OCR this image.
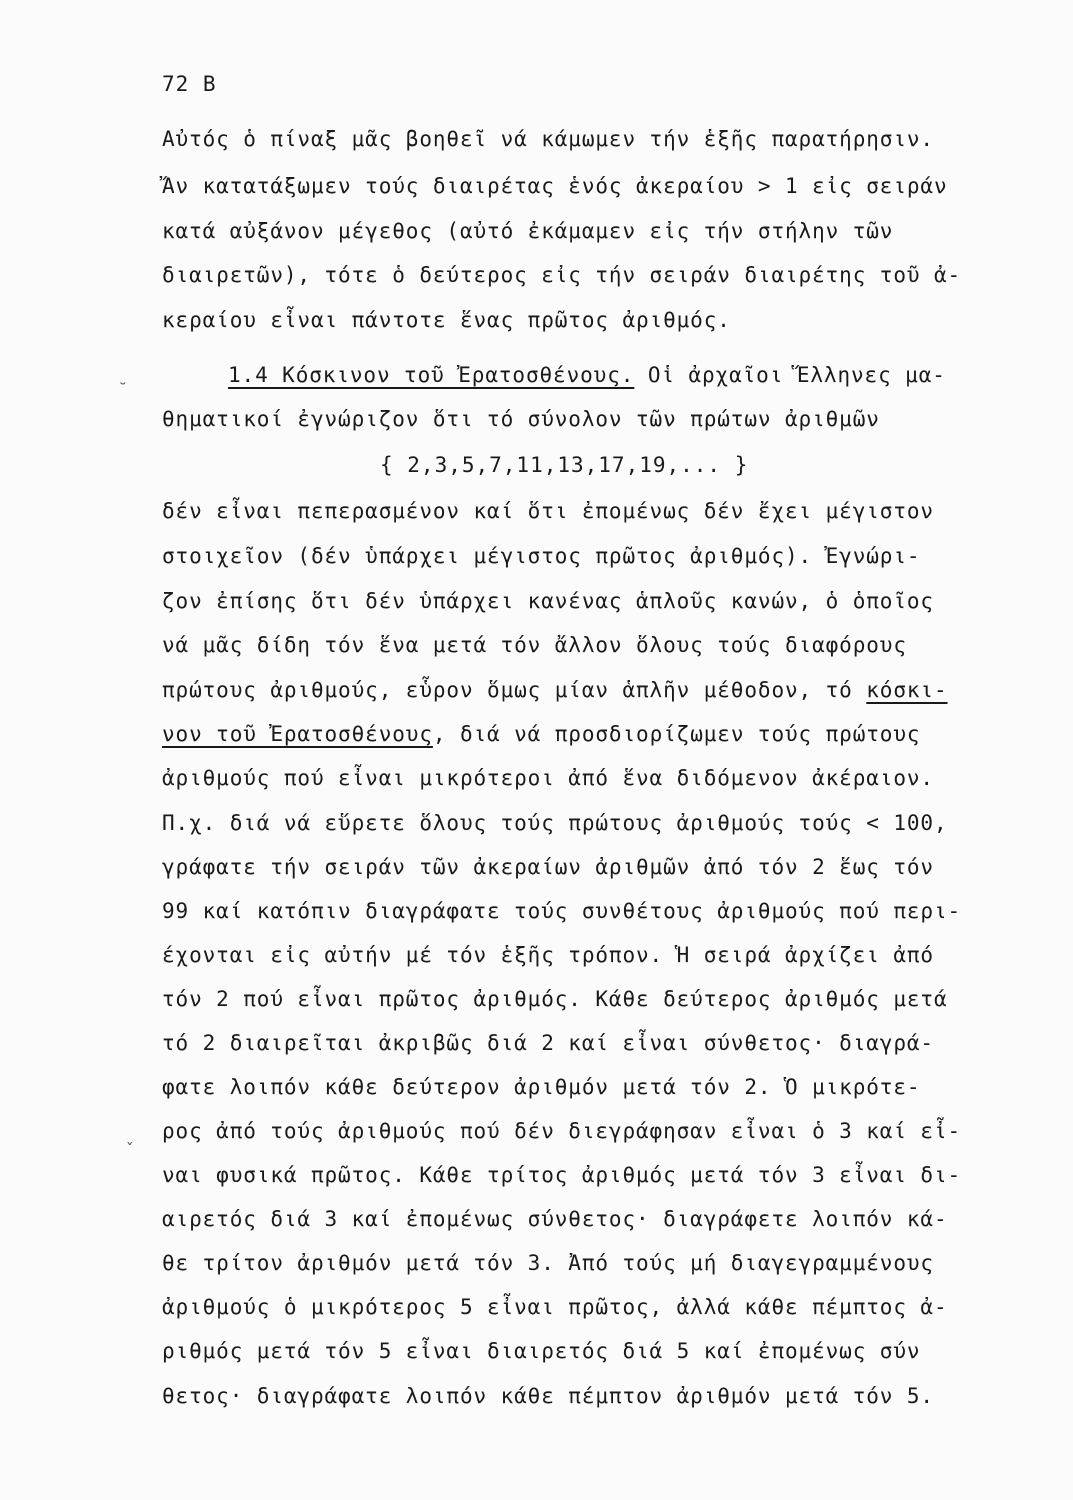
72 B
Αὐτός ὁ πίναξ μᾶς βοηθεῖ νά κάμωμεν τήν ἑξῆς παρατήρησιν.
Ἄν κατατάξωμεν τούς διαιρέτας ἑνός ἀκεραίου > 1 εἰς σειράν
κατά αὐξάνον μέγεθος (αὐτό ἐκάμαμεν εἰς τήν στήλην τῶν
διαιρετῶν), τότε ὁ δεύτερος εἰς τήν σειράν διαιρέτης τοῦ ἀ-
κεραίου εἶναι πάντοτε ἕνας πρῶτος ἀριθμός.
1.4 Κόσκινον τοῦ Ἐρατοσθένους. Οἱ ἀρχαῖοι Ἕλληνες μα-
θηματικοί ἐγνώριζον ὅτι τό σύνολον τῶν πρώτων ἀριθμῶν
{ 2,3,5,7,11,13,17,19,... }
δέν εἶναι πεπερασμένον καί ὅτι ἐπομένως δέν ἔχει μέγιστον
στοιχεῖον (δέν ὑπάρχει μέγιστος πρῶτος ἀριθμός). Ἐγνώρι-
ζον ἐπίσης ὅτι δέν ὑπάρχει κανένας ἁπλοῦς κανών, ὁ ὁποῖος
νά μᾶς δίδη τόν ἕνα μετά τόν ἄλλον ὅλους τούς διαφόρους
πρώτους ἀριθμούς, εὗρον ὅμως μίαν ἁπλῆν μέθοδον, τό κόσκι-
νον τοῦ Ἐρατοσθένους, διά νά προσδιορίζωμεν τούς πρώτους
ἀριθμούς πού εἶναι μικρότεροι ἀπό ἕνα διδόμενον ἀκέραιον.
Π.χ. διά νά εὕρετε ὅλους τούς πρώτους ἀριθμούς τούς < 100,
γράφατε τήν σειράν τῶν ἀκεραίων ἀριθμῶν ἀπό τόν 2 ἕως τόν
99 καί κατόπιν διαγράφατε τούς συνθέτους ἀριθμούς πού περι-
έχονται εἰς αὐτήν μέ τόν ἑξῆς τρόπον. Ἡ σειρά ἀρχίζει ἀπό
τόν 2 πού εἶναι πρῶτος ἀριθμός. Κάθε δεύτερος ἀριθμός μετά
τό 2 διαιρεῖται ἀκριβῶς διά 2 καί εἶναι σύνθετος· διαγρά-
φατε λοιπόν κάθε δεύτερον ἀριθμόν μετά τόν 2. Ὁ μικρότε-
ρος ἀπό τούς ἀριθμούς πού δέν διεγράφησαν εἶναι ὁ 3 καί εἶ-
ναι φυσικά πρῶτος. Κάθε τρίτος ἀριθμός μετά τόν 3 εἶναι δι-
αιρετός διά 3 καί ἐπομένως σύνθετος· διαγράφετε λοιπόν κά-
θε τρίτον ἀριθμόν μετά τόν 3. Ἀπό τούς μή διαγεγραμμένους
ἀριθμούς ὁ μικρότερος 5 εἶναι πρῶτος, ἀλλά κάθε πέμπτος ἀ-
ριθμός μετά τόν 5 εἶναι διαιρετός διά 5 καί ἐπομένως σύν
θετος· διαγράφατε λοιπόν κάθε πέμπτον ἀριθμόν μετά τόν 5.
˘
ˇ
